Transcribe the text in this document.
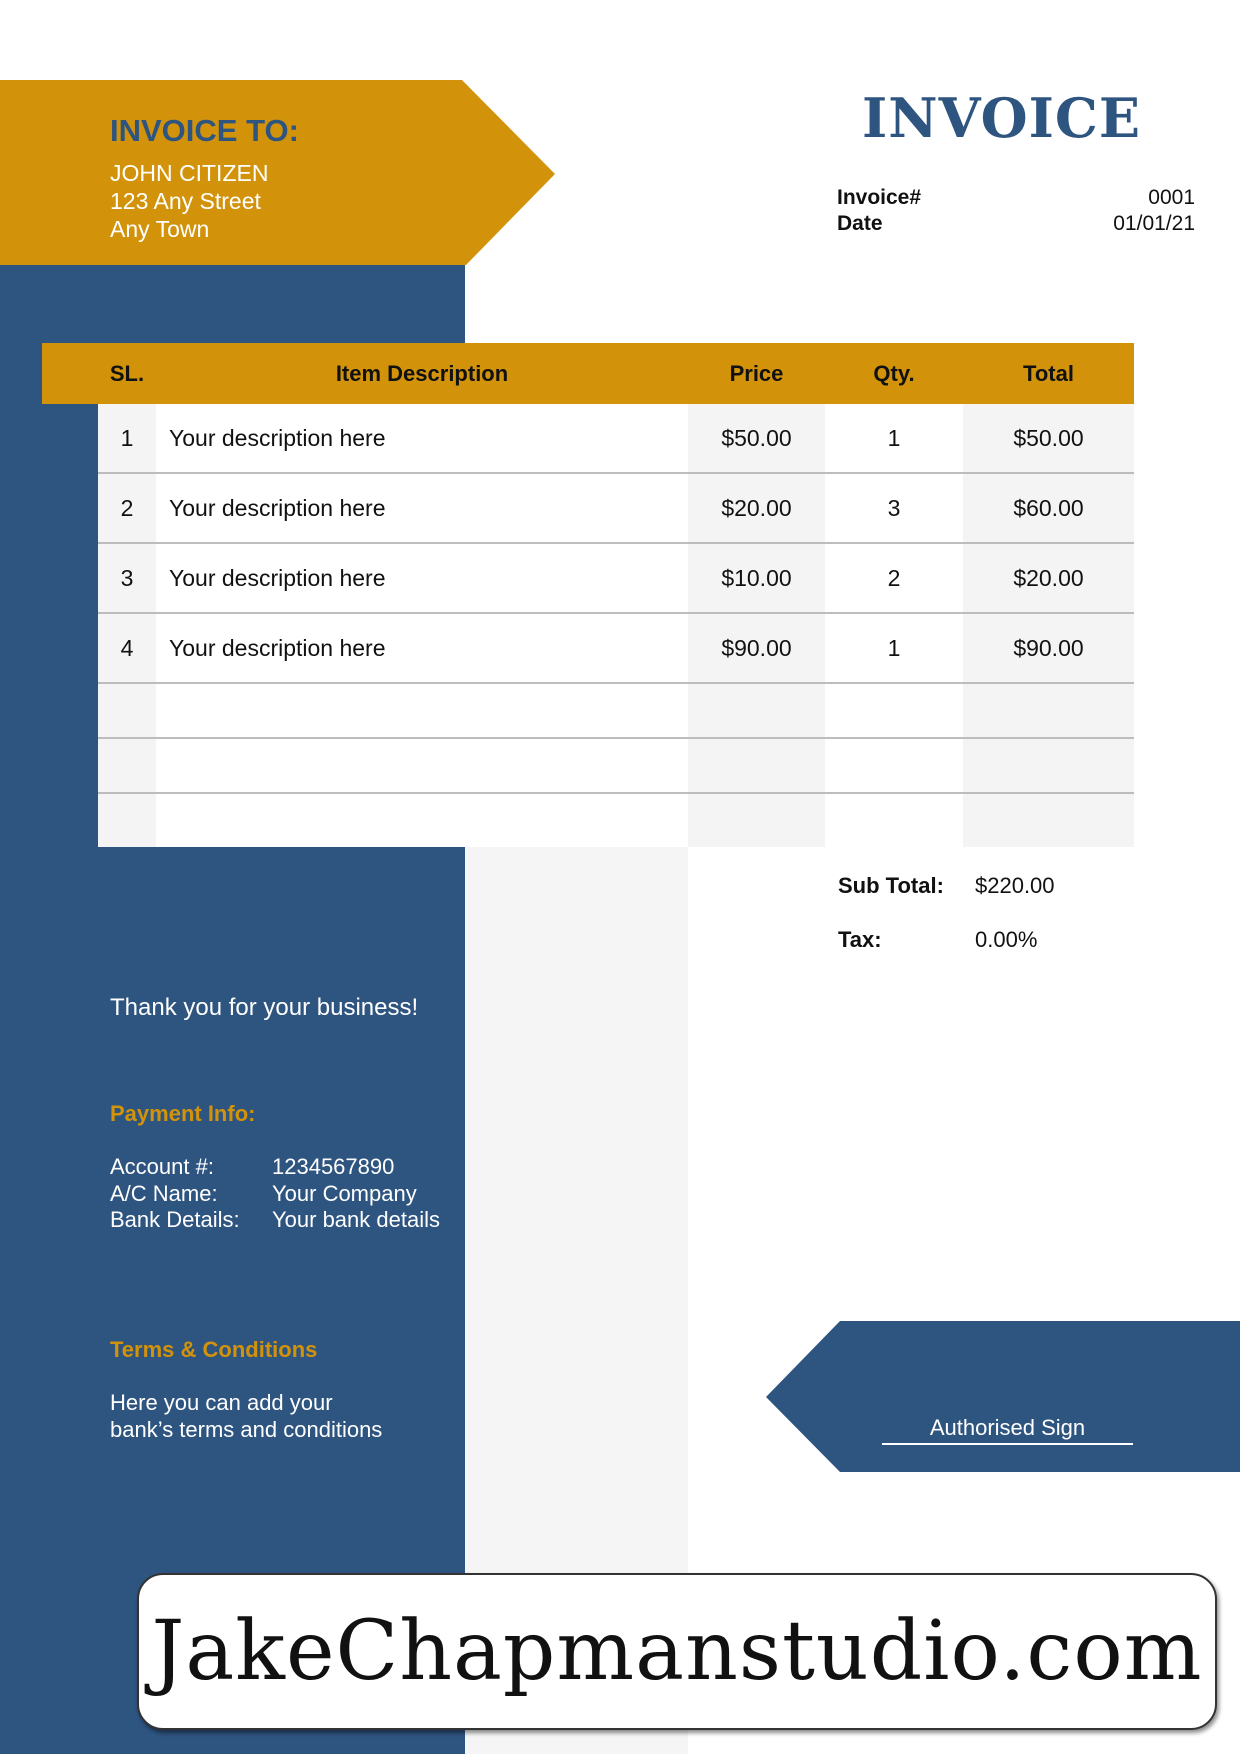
INVOICE TO:
JOHN CITIZEN
123 Any Street
Any Town
INVOICE
Invoice#	0001
Date	01/01/21
SL.	Item Description	Price	Qty.	Total
1	Your description here	$50.00	1	$50.00
2	Your description here	$20.00	3	$60.00
3	Your description here	$10.00	2	$20.00
4	Your description here	$90.00	1	$90.00
Sub Total: $220.00
Tax:	0.00%
Thank you for your business!
Payment Info:
Account #:	1234567890
A/C Name: Your Company
Bank Details: Your bank details
Terms & Conditions
Here you can add your
bank’s terms and conditions	Authorised Sign
JakeChapmanstudio.com
